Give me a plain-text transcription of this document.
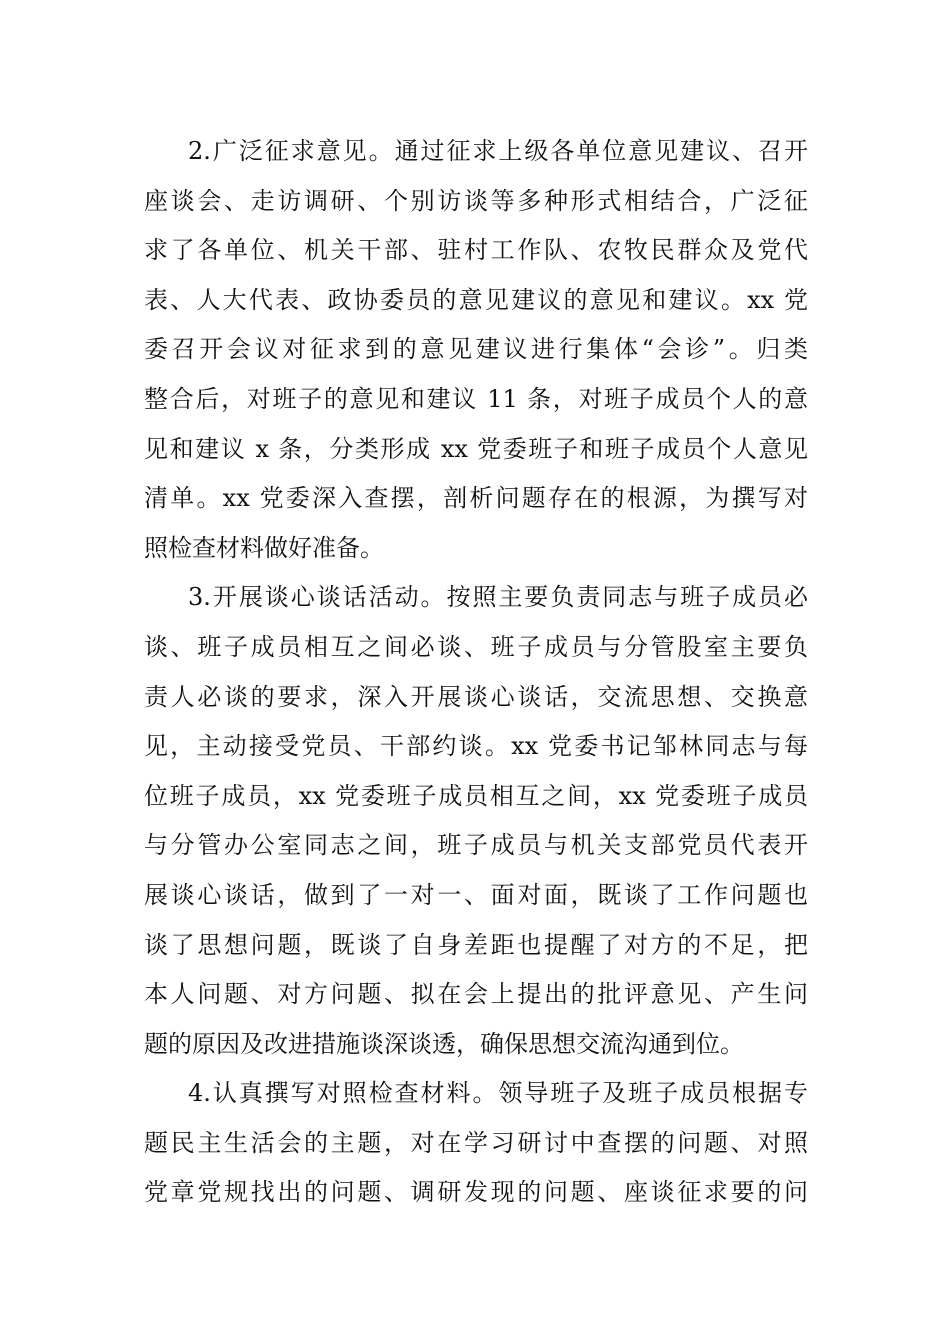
2.广泛征求意见。通过征求上级各单位意见建议、召开
座谈会、走访调研、个别访谈等多种形式相结合，广泛征
求了各单位、机关干部、驻村工作队、农牧民群众及党代
表、人大代表、政协委员的意见建议的意见和建议。xx 党
委召开会议对征求到的意见建议进行集体“会诊”。归类
整合后，对班子的意见和建议 11 条，对班子成员个人的意
见和建议 x 条，分类形成 xx 党委班子和班子成员个人意见
清单。xx 党委深入查摆，剖析问题存在的根源，为撰写对
照检查材料做好准备。
3.开展谈心谈话活动。按照主要负责同志与班子成员必
谈、班子成员相互之间必谈、班子成员与分管股室主要负
责人必谈的要求，深入开展谈心谈话，交流思想、交换意
见，主动接受党员、干部约谈。xx 党委书记邹林同志与每
位班子成员，xx 党委班子成员相互之间，xx 党委班子成员
与分管办公室同志之间，班子成员与机关支部党员代表开
展谈心谈话，做到了一对一、面对面，既谈了工作问题也
谈了思想问题，既谈了自身差距也提醒了对方的不足，把
本人问题、对方问题、拟在会上提出的批评意见、产生问
题的原因及改进措施谈深谈透，确保思想交流沟通到位。
4.认真撰写对照检查材料。领导班子及班子成员根据专
题民主生活会的主题，对在学习研讨中查摆的问题、对照
党章党规找出的问题、调研发现的问题、座谈征求要的问
